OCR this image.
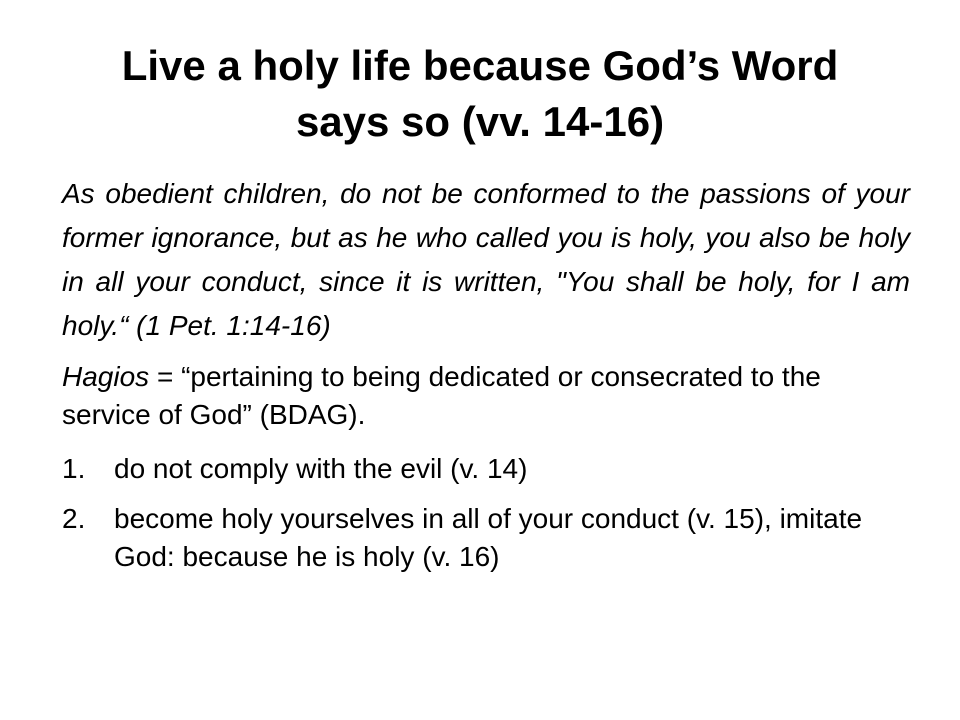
Live a holy life because God’s Word
says so (vv. 14-16)

As obedient children, do not be conformed to the passions of your former ignorance, but as he who called you is holy, you also be holy in all your conduct, since it is written, "You shall be holy, for I am holy.“ (1 Pet. 1:14-16)

Hagios = “pertaining to being dedicated or consecrated to the service of God” (BDAG).

1. do not comply with the evil (v. 14)
2. become holy yourselves in all of your conduct (v. 15), imitate God: because he is holy (v. 16)
